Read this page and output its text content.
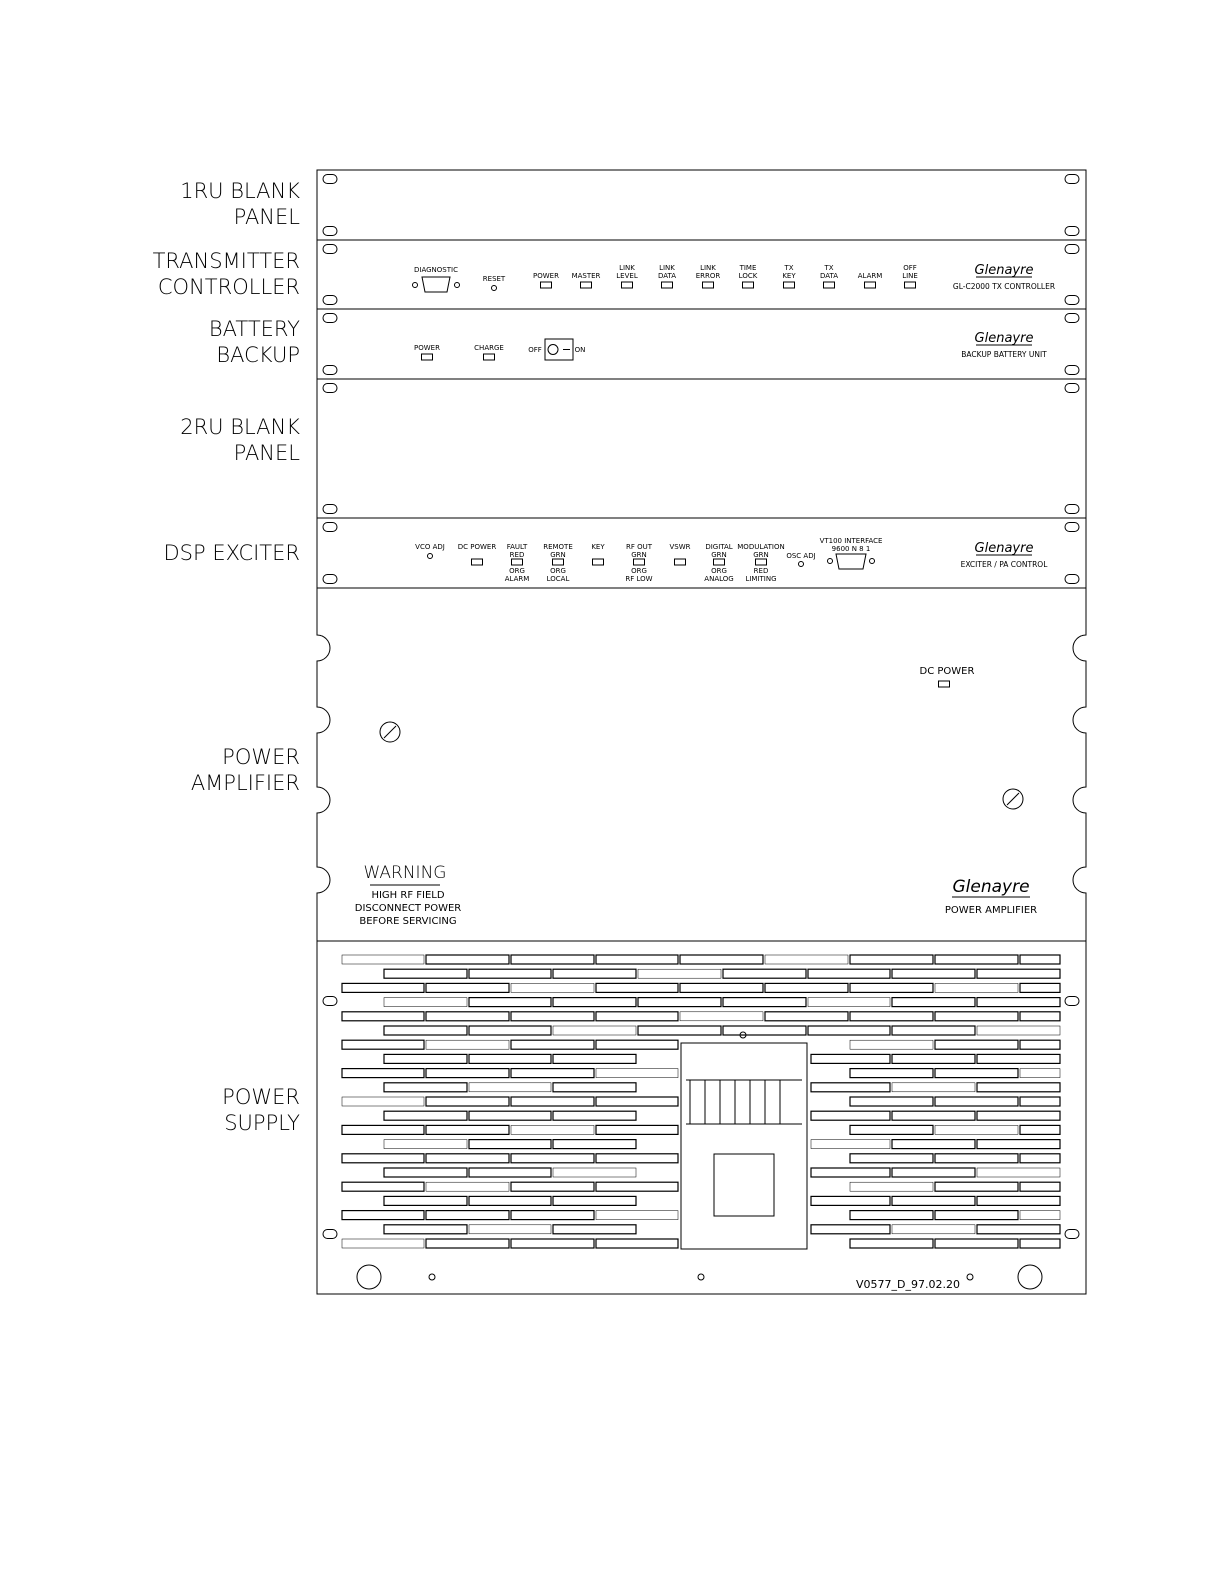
1RU BLANK
PANEL
TRANSMITTER
CONTROLLER
BATTERY
BACKUP
2RU BLANK
PANEL
DSP EXCITER
POWER
AMPLIFIER
POWER
SUPPLY
DIAGNOSTIC
RESET	POWER MASTER
LINK
LEVEL
LINK
DATA
LINK
ERROR
TIME
LOCK
TX
KEY
TX
DATA	ALARM
OFF
LINE	Glenayre
GL-C2000 TX CONTROLLER
POWER	CHARGE	OFF	ON
Glenayre
BACKUP BATTERY UNIT
VCO ADJ DC POWER FAULT
RED
ORG
ALARM
REMOTE
GRN
ORG
LOCAL
KEY	RF OUT
GRN
ORG
RF LOW
VSWR DIGITAL
GRN
ORG
ANALOG
MODULATION
GRN
RED
LIMITING
OSC ADJ
VT100 INTERFACE
9600 N 8 1	Glenayre
EXCITER / PA CONTROL
DC POWER
WARNING
HIGH RF FIELD
DISCONNECT POWER
BEFORE SERVICING
Glenayre
POWER AMPLIFIER
V0577_D_97.02.20
